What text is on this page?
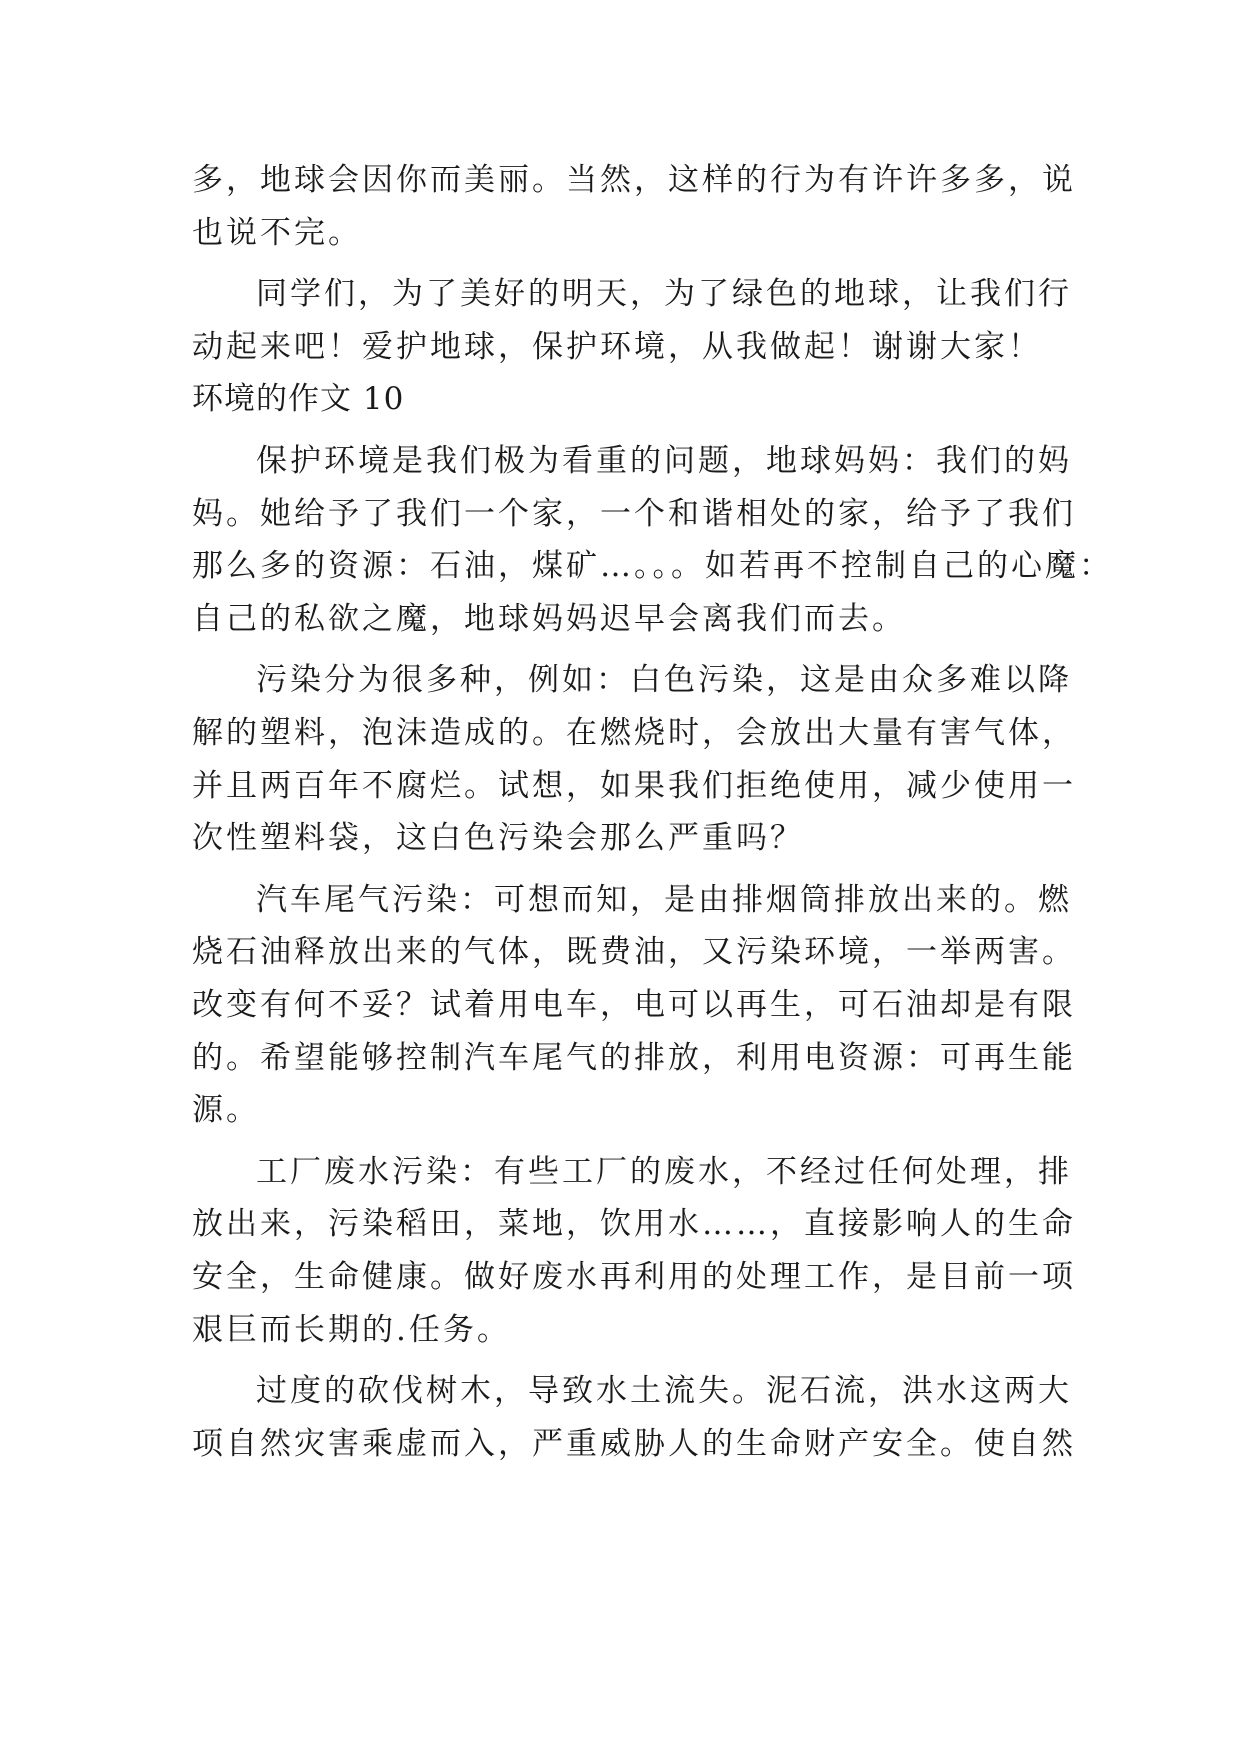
多，地球会因你而美丽。当然，这样的行为有许许多多，说
也说不完。
同学们，为了美好的明天，为了绿色的地球，让我们行
动起来吧！爱护地球，保护环境，从我做起！谢谢大家！
环境的作文 10
保护环境是我们极为看重的问题，地球妈妈：我们的妈
妈。她给予了我们一个家，一个和谐相处的家，给予了我们
那么多的资源：石油，煤矿…。。。如若再不控制自己的心魔：
自己的私欲之魔，地球妈妈迟早会离我们而去。
污染分为很多种，例如：白色污染，这是由众多难以降
解的塑料，泡沫造成的。在燃烧时，会放出大量有害气体，
并且两百年不腐烂。试想，如果我们拒绝使用，减少使用一
次性塑料袋，这白色污染会那么严重吗？
汽车尾气污染：可想而知，是由排烟筒排放出来的。燃
烧石油释放出来的气体，既费油，又污染环境，一举两害。
改变有何不妥？试着用电车，电可以再生，可石油却是有限
的。希望能够控制汽车尾气的排放，利用电资源：可再生能
源。
工厂废水污染：有些工厂的废水，不经过任何处理，排
放出来，污染稻田，菜地，饮用水……，直接影响人的生命
安全，生命健康。做好废水再利用的处理工作，是目前一项
艰巨而长期的.任务。
过度的砍伐树木，导致水土流失。泥石流，洪水这两大
项自然灾害乘虚而入，严重威胁人的生命财产安全。使自然
